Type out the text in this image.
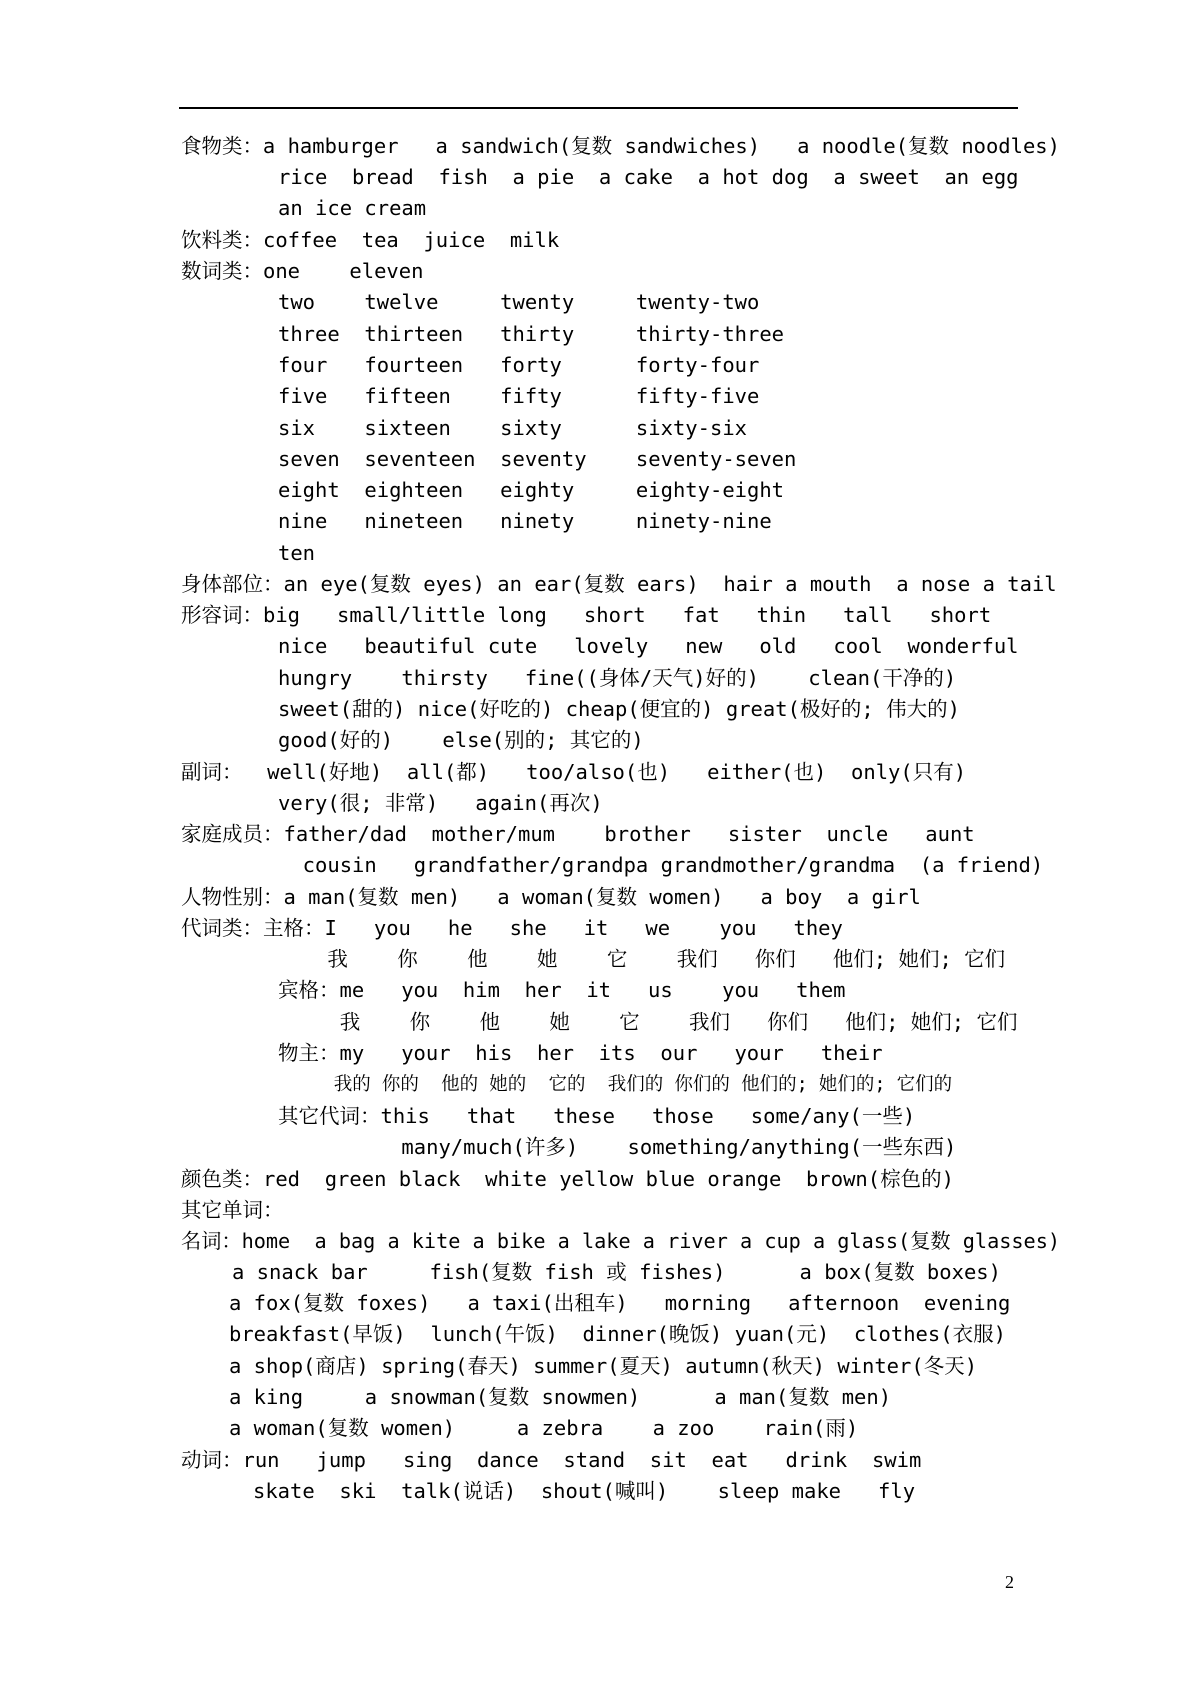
食物类：a hamburger   a sandwich(复数 sandwiches)   a noodle(复数 noodles)
rice  bread  fish  a pie  a cake  a hot dog  a sweet  an egg
an ice cream
饮料类：coffee  tea  juice  milk
数词类：one    eleven
two    twelve     twenty     twenty-two
three  thirteen   thirty     thirty-three
four   fourteen   forty      forty-four
five   fifteen    fifty      fifty-five
six    sixteen    sixty      sixty-six
seven  seventeen  seventy    seventy-seven
eight  eighteen   eighty     eighty-eight
nine   nineteen   ninety     ninety-nine
ten
身体部位：an eye(复数 eyes) an ear(复数 ears)  hair a mouth  a nose a tail
形容词：big   small/little long   short   fat   thin   tall   short
nice   beautiful cute   lovely   new   old   cool  wonderful
hungry    thirsty   fine((身体/天气)好的)    clean(干净的)
sweet(甜的) nice(好吃的) cheap(便宜的) great(极好的; 伟大的)
good(好的)    else(别的; 其它的)
副词：  well(好地)  all(都)   too/also(也)   either(也)  only(只有)
very(很; 非常)   again(再次)
家庭成员：father/dad  mother/mum    brother   sister  uncle   aunt
cousin   grandfather/grandpa grandmother/grandma  (a friend)
人物性别：a man(复数 men)   a woman(复数 women)   a boy  a girl
代词类：主格：I   you   he   she   it   we    you   they
我    你    他    她    它    我们   你们   他们; 她们; 它们
宾格：me   you  him  her  it   us    you   them
我    你    他    她    它    我们   你们   他们; 她们; 它们
物主：my   your  his  her  its  our   your   their
我的 你的  他的 她的  它的  我们的 你们的 他们的; 她们的; 它们的
其它代词：this   that   these   those   some/any(一些)
many/much(许多)    something/anything(一些东西)
颜色类：red  green black  white yellow blue orange  brown(棕色的)
其它单词：
名词：home  a bag a kite a bike a lake a river a cup a glass(复数 glasses)
a snack bar     fish(复数 fish 或 fishes)      a box(复数 boxes)
a fox(复数 foxes)   a taxi(出租车)   morning   afternoon  evening
breakfast(早饭)  lunch(午饭)  dinner(晚饭) yuan(元)  clothes(衣服)
a shop(商店) spring(春天) summer(夏天) autumn(秋天) winter(冬天)
a king     a snowman(复数 snowmen)      a man(复数 men)
a woman(复数 women)     a zebra    a zoo    rain(雨)
动词：run   jump   sing  dance  stand  sit  eat   drink  swim
skate  ski  talk(说话)  shout(喊叫)    sleep make   fly
2
